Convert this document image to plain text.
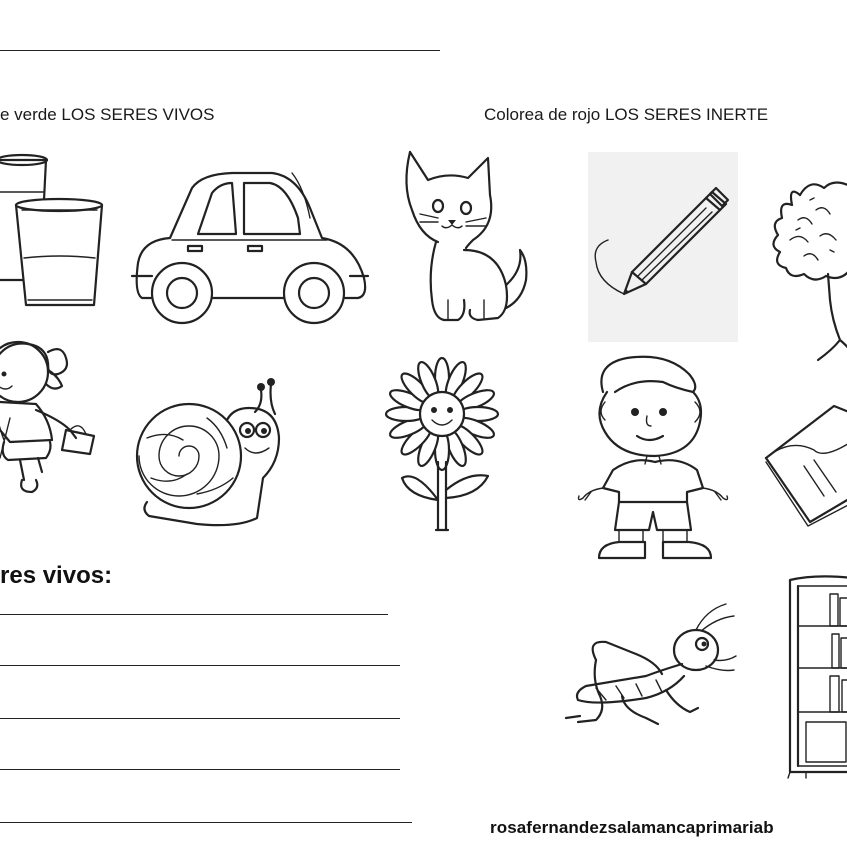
e verde LOS SERES VIVOS	Colorea de rojo LOS SERES INERTE
res vivos:
rosafernandezsalamancaprimariab
